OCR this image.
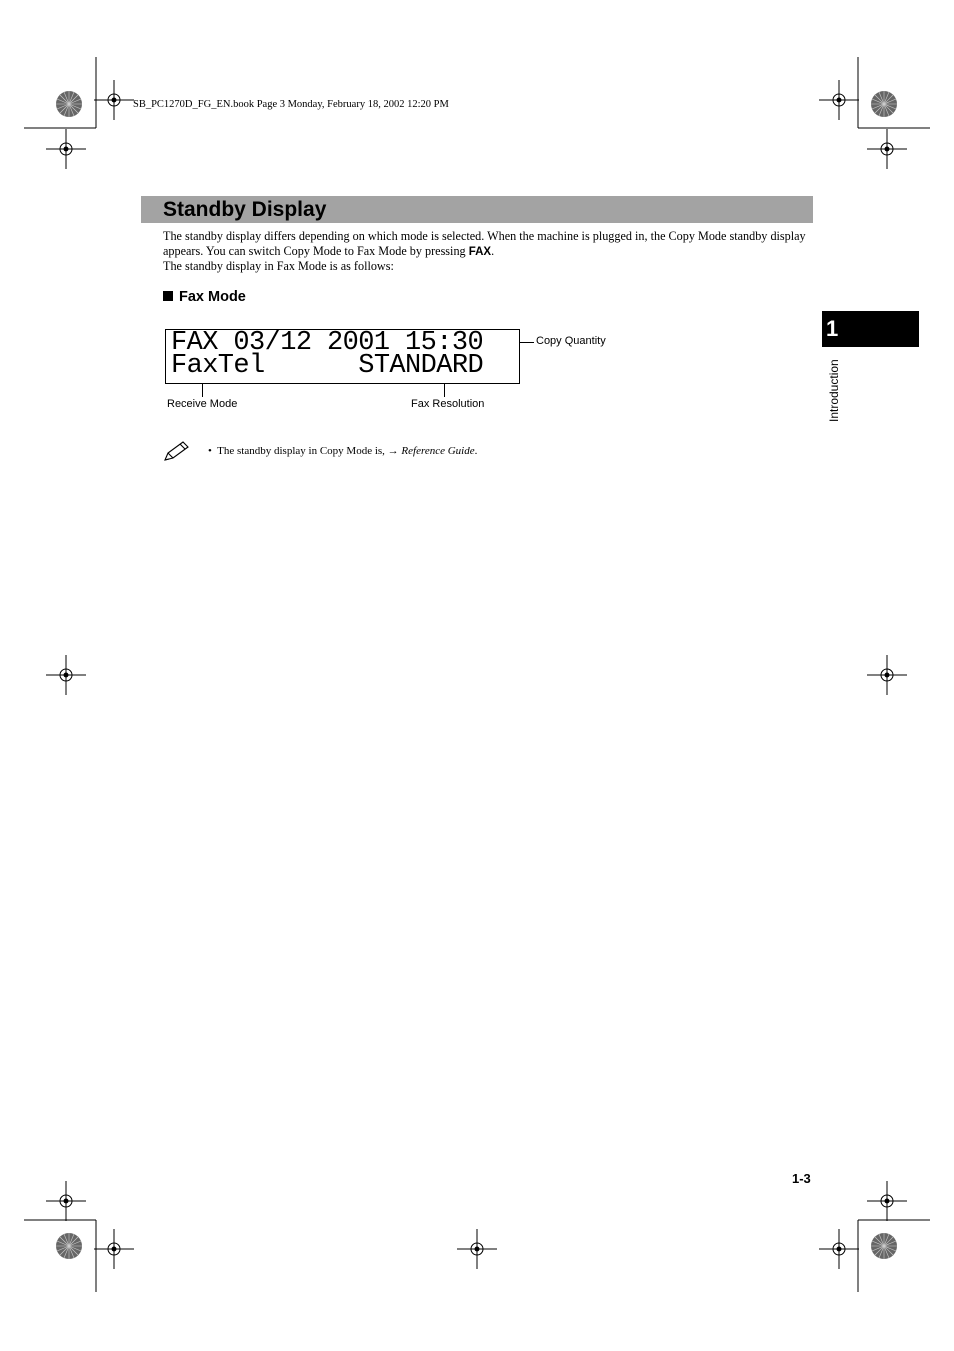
SB_PC1270D_FG_EN.book Page 3 Monday, February 18, 2002 12:20 PM
Standby Display

The standby display differs depending on which mode is selected. When the machine is plugged in, the Copy Mode standby display appears. You can switch Copy Mode to Fax Mode by pressing FAX.

The standby display in Fax Mode is as follows:

Fax Mode
FAX 03/12 2001 15:30
FaxTel      STANDARD
Copy Quantity
Receive Mode	Fax Resolution
• The standby display in Copy Mode is, → Reference Guide.
1
Introduction
1-3
